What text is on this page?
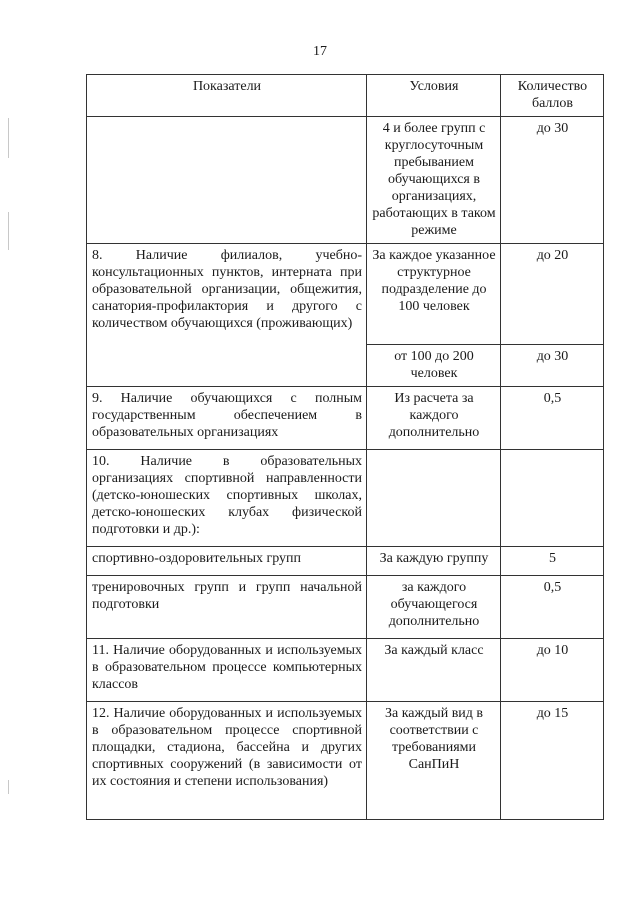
17
Показатели	Условия	Количество баллов
	4 и более групп с круглосуточным пребыванием обучающихся в организациях, работающих в таком режиме	до 30
8. Наличие филиалов, учебно-консультационных пунктов, интерната при образовательной организации, общежития, санатория-профилактория и другого с количеством обучающихся (проживающих)	За каждое указанное структурное подразделение до 100 человек	до 20
	от 100 до 200 человек	до 30
9. Наличие обучающихся с полным государственным обеспечением в образовательных организациях	Из расчета за каждого дополнительно	0,5
10. Наличие в образовательных организациях спортивной направленности (детско-юношеских спортивных школах, детско-юношеских клубах физической подготовки и др.):		
спортивно-оздоровительных групп	За каждую группу	5
тренировочных групп и групп начальной подготовки	за каждого обучающегося дополнительно	0,5
11. Наличие оборудованных и используемых в образовательном процессе компьютерных классов	За каждый класс	до 10
12. Наличие оборудованных и используемых в образовательном процессе спортивной площадки, стадиона, бассейна и других спортивных сооружений (в зависимости от их состояния и степени использования)	За каждый вид в соответствии с требованиями СанПиН	до 15
